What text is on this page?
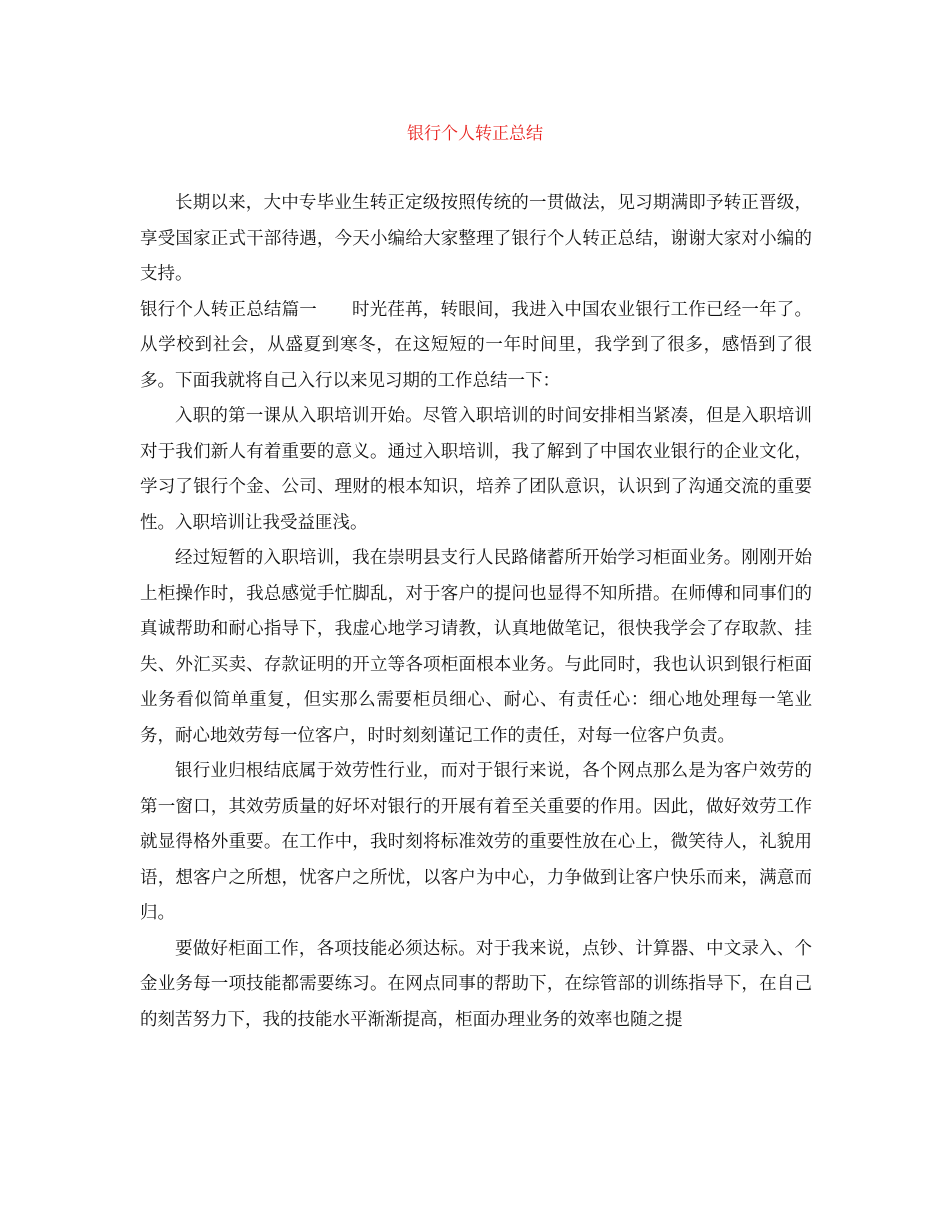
银行个人转正总结

长期以来，大中专毕业生转正定级按照传统的一贯做法，见习期满即予转正晋级，享受国家正式干部待遇，今天小编给大家整理了银行个人转正总结，谢谢大家对小编的支持。

银行个人转正总结篇一 时光荏苒，转眼间，我进入中国农业银行工作已经一年了。从学校到社会，从盛夏到寒冬，在这短短的一年时间里，我学到了很多，感悟到了很多。下面我就将自己入行以来见习期的工作总结一下：

入职的第一课从入职培训开始。尽管入职培训的时间安排相当紧凑，但是入职培训对于我们新人有着重要的意义。通过入职培训，我了解到了中国农业银行的企业文化，学习了银行个金、公司、理财的根本知识，培养了团队意识，认识到了沟通交流的重要性。入职培训让我受益匪浅。

经过短暂的入职培训，我在崇明县支行人民路储蓄所开始学习柜面业务。刚刚开始上柜操作时，我总感觉手忙脚乱，对于客户的提问也显得不知所措。在师傅和同事们的真诚帮助和耐心指导下，我虚心地学习请教，认真地做笔记，很快我学会了存取款、挂失、外汇买卖、存款证明的开立等各项柜面根本业务。与此同时，我也认识到银行柜面业务看似简单重复，但实那么需要柜员细心、耐心、有责任心：细心地处理每一笔业务，耐心地效劳每一位客户，时时刻刻谨记工作的责任，对每一位客户负责。

银行业归根结底属于效劳性行业，而对于银行来说，各个网点那么是为客户效劳的第一窗口，其效劳质量的好坏对银行的开展有着至关重要的作用。因此，做好效劳工作就显得格外重要。在工作中，我时刻将标准效劳的重要性放在心上，微笑待人，礼貌用语，想客户之所想，忧客户之所忧，以客户为中心，力争做到让客户快乐而来，满意而归。

要做好柜面工作，各项技能必须达标。对于我来说，点钞、计算器、中文录入、个金业务每一项技能都需要练习。在网点同事的帮助下，在综管部的训练指导下，在自己的刻苦努力下，我的技能水平渐渐提高，柜面办理业务的效率也随之提
